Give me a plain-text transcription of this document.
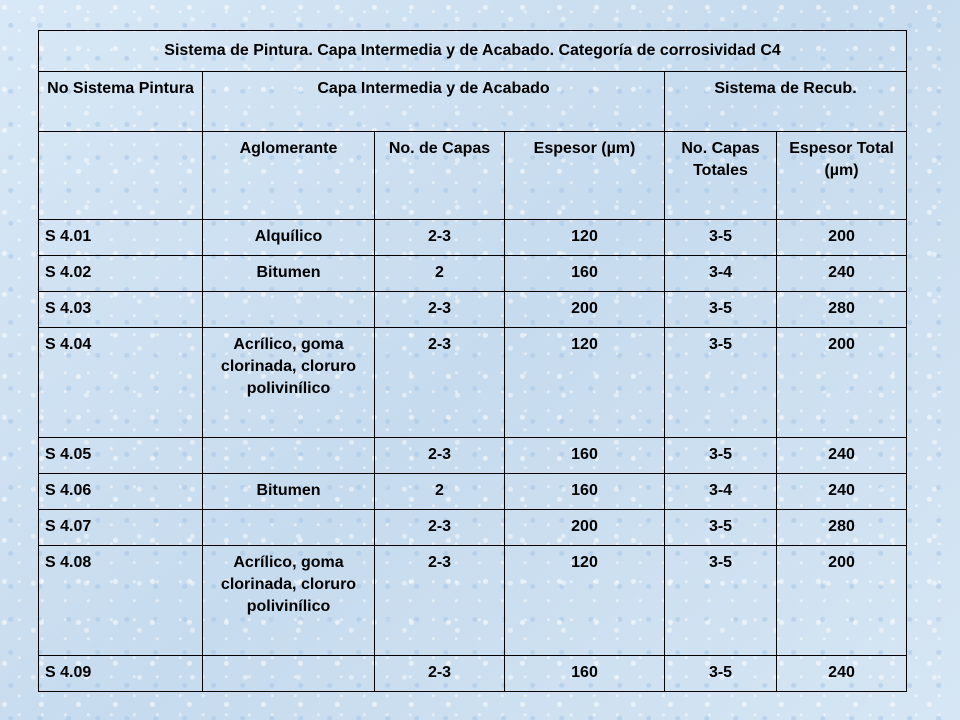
Sistema de Pintura. Capa Intermedia y de Acabado. Categoría de corrosividad C4					
No Sistema Pintura	Capa Intermedia y de Acabado			Sistema de Recub.	
	Aglomerante	No. de Capas	Espesor (µm)	No. Capas Totales	Espesor Total (µm)
S 4.01	Alquílico	2-3	120	3-5	200
S 4.02	Bitumen	2	160	3-4	240
S 4.03		2-3	200	3-5	280
S 4.04	Acrílico, goma clorinada, cloruro polivinílico	2-3	120	3-5	200
S 4.05		2-3	160	3-5	240
S 4.06	Bitumen	2	160	3-4	240
S 4.07		2-3	200	3-5	280
S 4.08	Acrílico, goma clorinada, cloruro polivinílico	2-3	120	3-5	200
S 4.09		2-3	160	3-5	240
